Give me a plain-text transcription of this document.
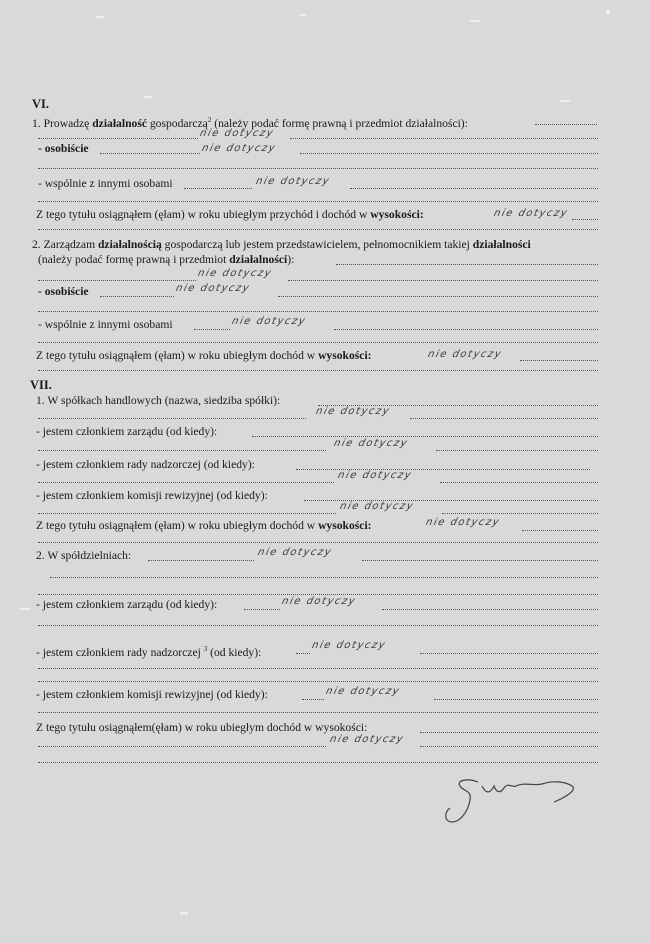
VI.
1. Prowadzę działalność gospodarczą$^2$ (należy podać formę prawną i przedmiot działalności):
nie dotyczy
- osobiście	nie dotyczy
- wspólnie z innymi osobami	nie dotyczy
Z tego tytułu osiągnąłem (ęłam) w roku ubiegłym przychód i dochód w wysokości:	nie dotyczy
2. Zarządzam działalnością gospodarczą lub jestem przedstawicielem, pełnomocnikiem takiej działalności
(należy podać formę prawną i przedmiot działalności):
nie dotyczy
- osobiście	nie dotyczy
- wspólnie z innymi osobami	nie dotyczy
Z tego tytułu osiągnąłem (ęłam) w roku ubiegłym dochód w wysokości:	nie dotyczy
VII.
1. W spółkach handlowych (nazwa, siedziba spółki):
nie dotyczy
- jestem członkiem zarządu (od kiedy):
nie dotyczy
- jestem członkiem rady nadzorczej (od kiedy):
nie dotyczy
- jestem członkiem komisji rewizyjnej (od kiedy):
nie dotyczy
Z tego tytułu osiągnąłem (ęłam) w roku ubiegłym dochód w wysokości:	nie dotyczy
2. W spółdzielniach:	nie dotyczy
- jestem członkiem zarządu (od kiedy):	nie dotyczy
- jestem członkiem rady nadzorczej $^3$ (od kiedy):
nie dotyczy
- jestem członkiem komisji rewizyjnej (od kiedy):	nie dotyczy
Z tego tytułu osiągnąłem(ęłam) w roku ubiegłym dochód w wysokości:
nie dotyczy
